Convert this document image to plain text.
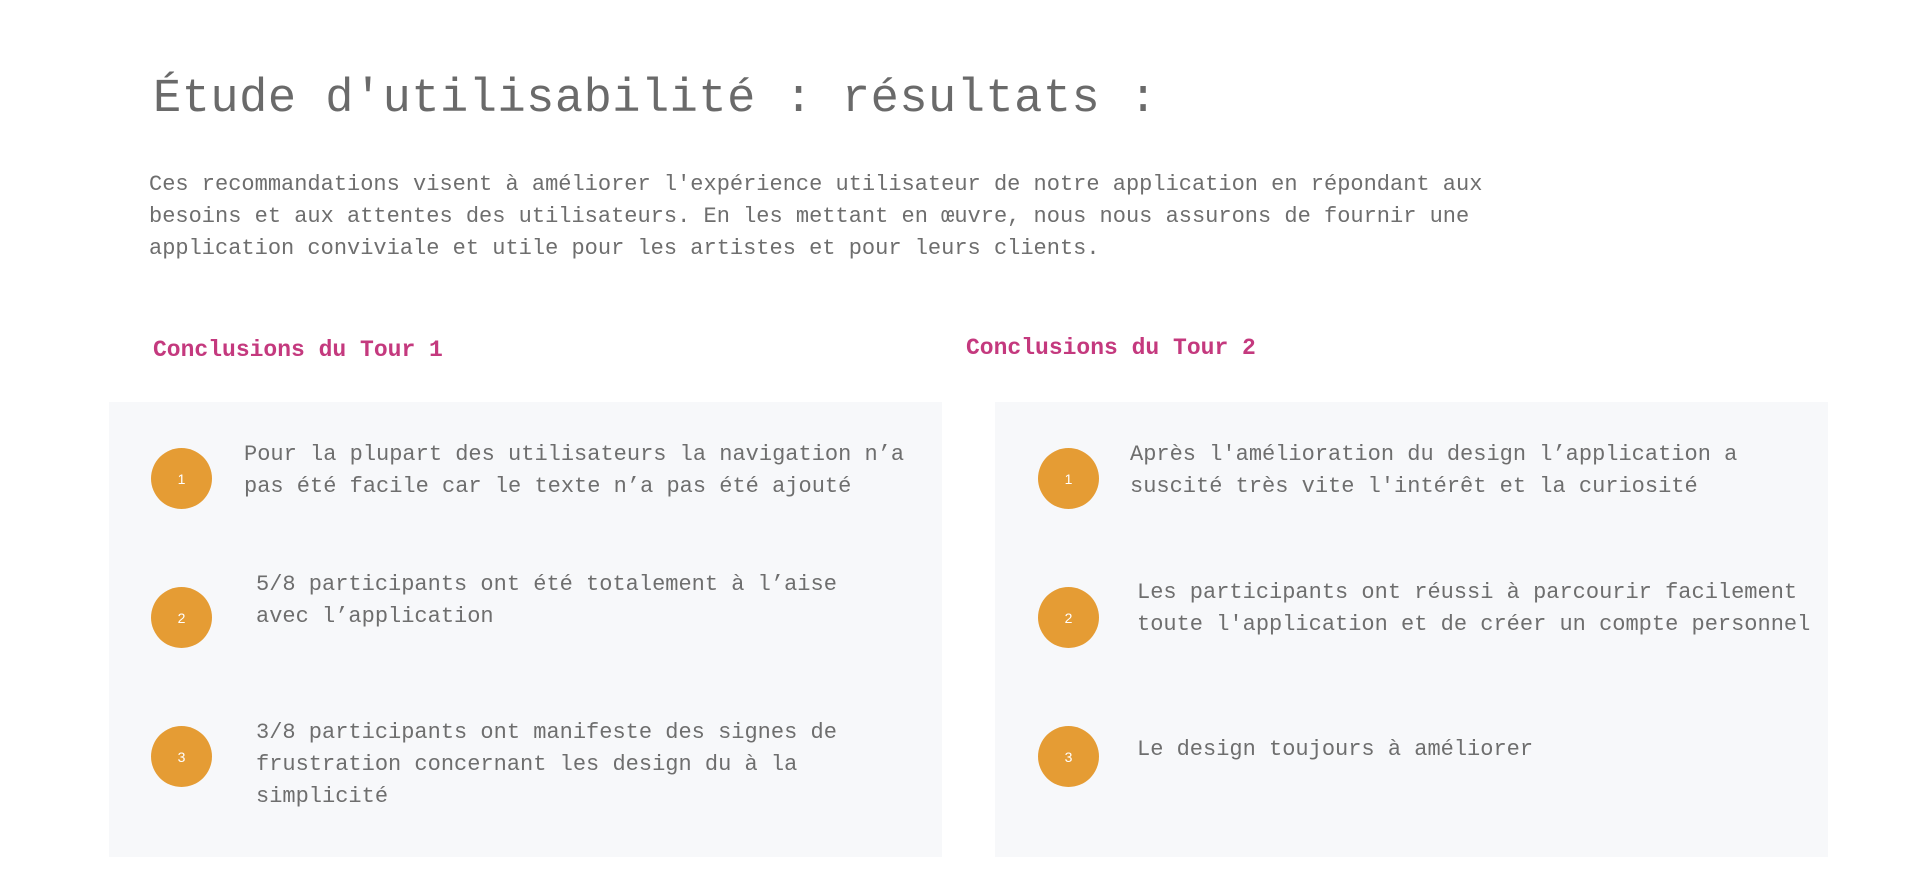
Étude d'utilisabilité : résultats :

Ces recommandations visent à améliorer l'expérience utilisateur de notre application en répondant aux besoins et aux attentes des utilisateurs. En les mettant en œuvre, nous nous assurons de fournir une application conviviale et utile pour les artistes et pour leurs clients.

Conclusions du Tour 1	Conclusions du Tour 2
1

Pour la plupart des utilisateurs la navigation n’a pas été facile car le texte n’a pas été ajouté

2

5/8 participants ont été totalement à l’aise avec l’application

3

3/8 participants ont manifeste des signes de frustration concernant les design du à la simplicité

1

Après l'amélioration du design l’application a suscité très vite l'intérêt et la curiosité

2

Les participants ont réussi à parcourir facilement toute l'application et de créer un compte personnel

3	Le design toujours à améliorer
